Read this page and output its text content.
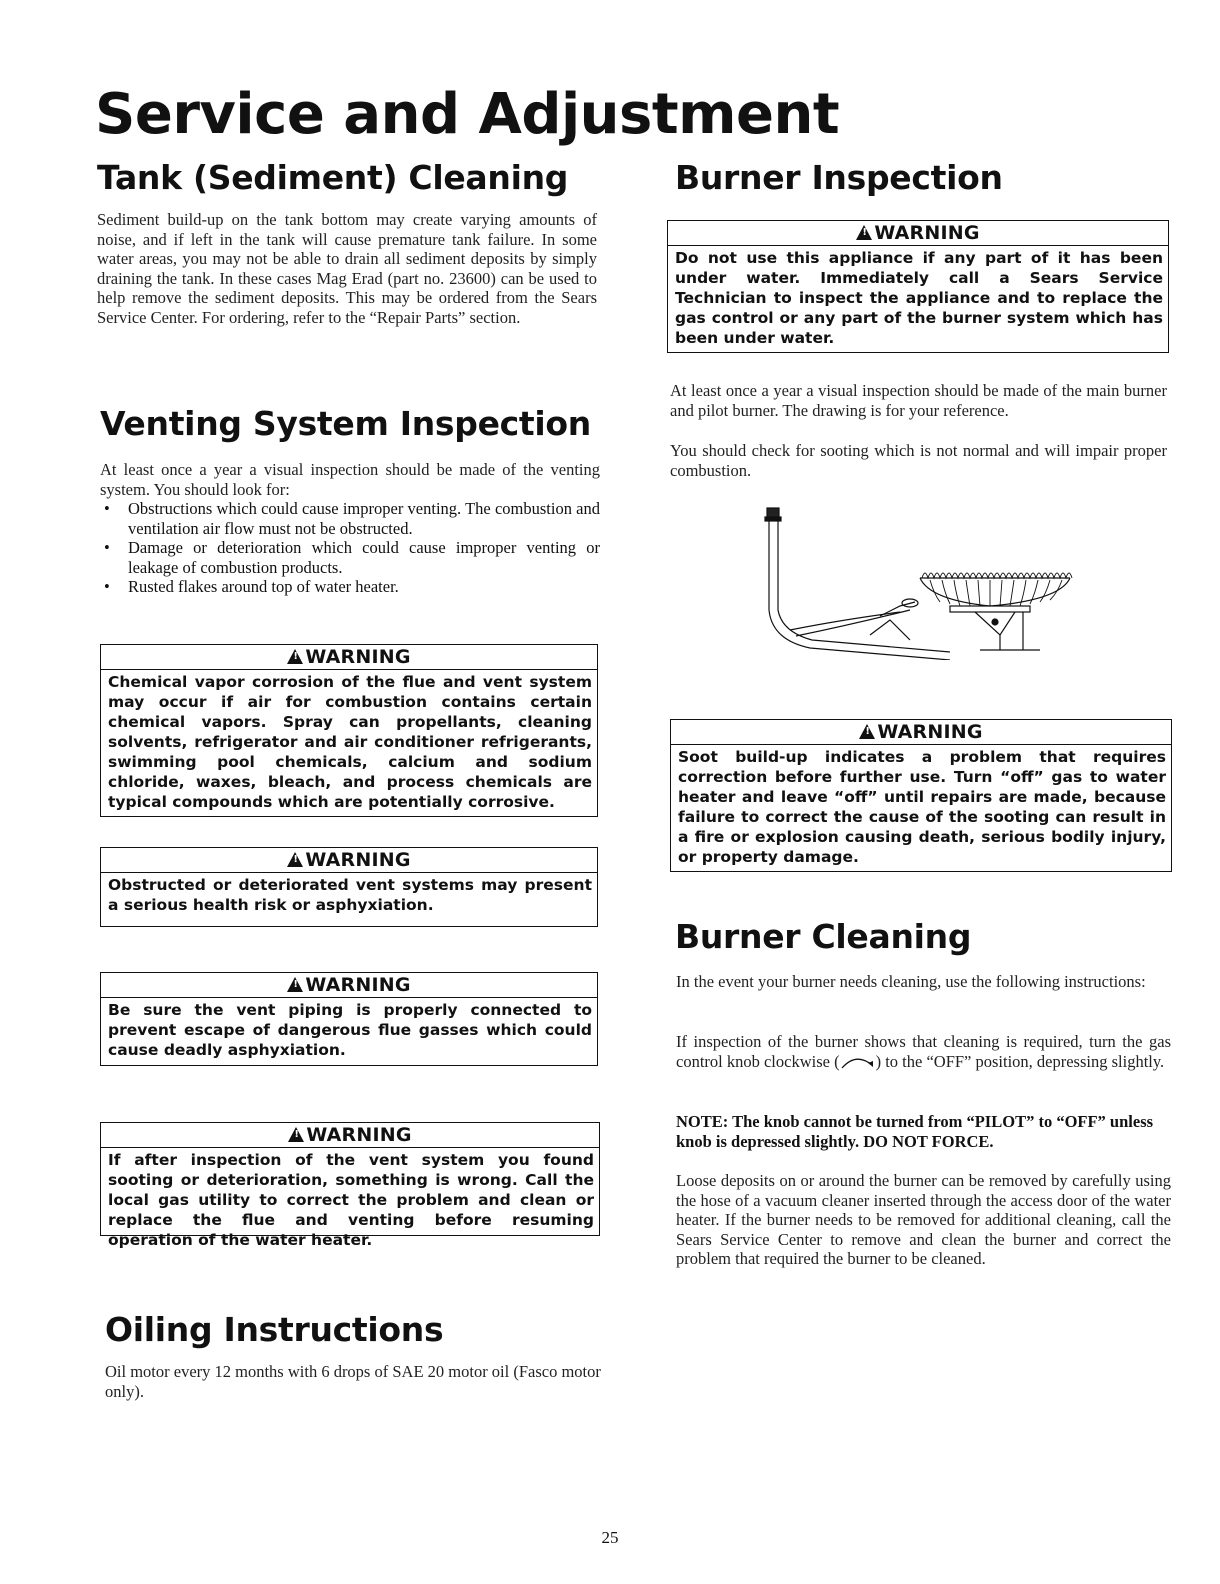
Service and Adjustment
Tank (Sediment) Cleaning

Sediment build-up on the tank bottom may create varying amounts of noise, and if left in the tank will cause premature tank failure. In some water areas, you may not be able to drain all sediment deposits by simply draining the tank. In these cases Mag Erad (part no. 23600) can be used to help remove the sediment deposits. This may be ordered from the Sears Service Center. For ordering, refer to the “Repair Parts” section.

Venting System Inspection

At least once a year a visual inspection should be made of the venting system. You should look for:

• Obstructions which could cause improper venting. The combustion and ventilation air flow must not be obstructed.
• Damage or deterioration which could cause improper venting or leakage of combustion products.
• Rusted flakes around top of water heater.
!WARNING
Chemical vapor corrosion of the flue and vent system may occur if air for combustion contains certain chemical vapors. Spray can propellants, cleaning solvents, refrigerator and air conditioner refrigerants, swimming pool chemicals, calcium and sodium chloride, waxes, bleach, and process chemicals are typical compounds which are potentially corrosive.
!WARNING
Obstructed or deteriorated vent systems may present a serious health risk or asphyxiation.
!WARNING
Be sure the vent piping is properly connected to prevent escape of dangerous flue gasses which could cause deadly asphyxiation.
!WARNING
If after inspection of the vent system you found sooting or deterioration, something is wrong. Call the local gas utility to correct the problem and clean or replace the flue and venting before resuming operation of the water heater.
Oiling Instructions

Oil motor every 12 months with 6 drops of SAE 20 motor oil (Fasco motor only).

Burner Inspection
!WARNING
Do not use this appliance if any part of it has been under water. Immediately call a Sears Service Technician to inspect the appliance and to replace the gas control or any part of the burner system which has been under water.

At least once a year a visual inspection should be made of the main burner and pilot burner. The drawing is for your reference.

You should check for sooting which is not normal and will impair proper combustion.

!WARNING
Soot build-up indicates a problem that requires correction before further use. Turn “off” gas to water heater and leave “off” until repairs are made, because failure to correct the cause of the sooting can result in a fire or explosion causing death, serious bodily injury, or property damage.
Burner Cleaning

In the event your burner needs cleaning, use the following instructions:

If inspection of the burner shows that cleaning is required, turn the gas control knob clockwise ( ) to the “OFF” position, depressing slightly.

NOTE: The knob cannot be turned from “PILOT” to “OFF” unless knob is depressed slightly. DO NOT FORCE.

Loose deposits on or around the burner can be removed by carefully using the hose of a vacuum cleaner inserted through the access door of the water heater. If the burner needs to be removed for additional cleaning, call the Sears Service Center to remove and clean the burner and correct the problem that required the burner to be cleaned.

25
